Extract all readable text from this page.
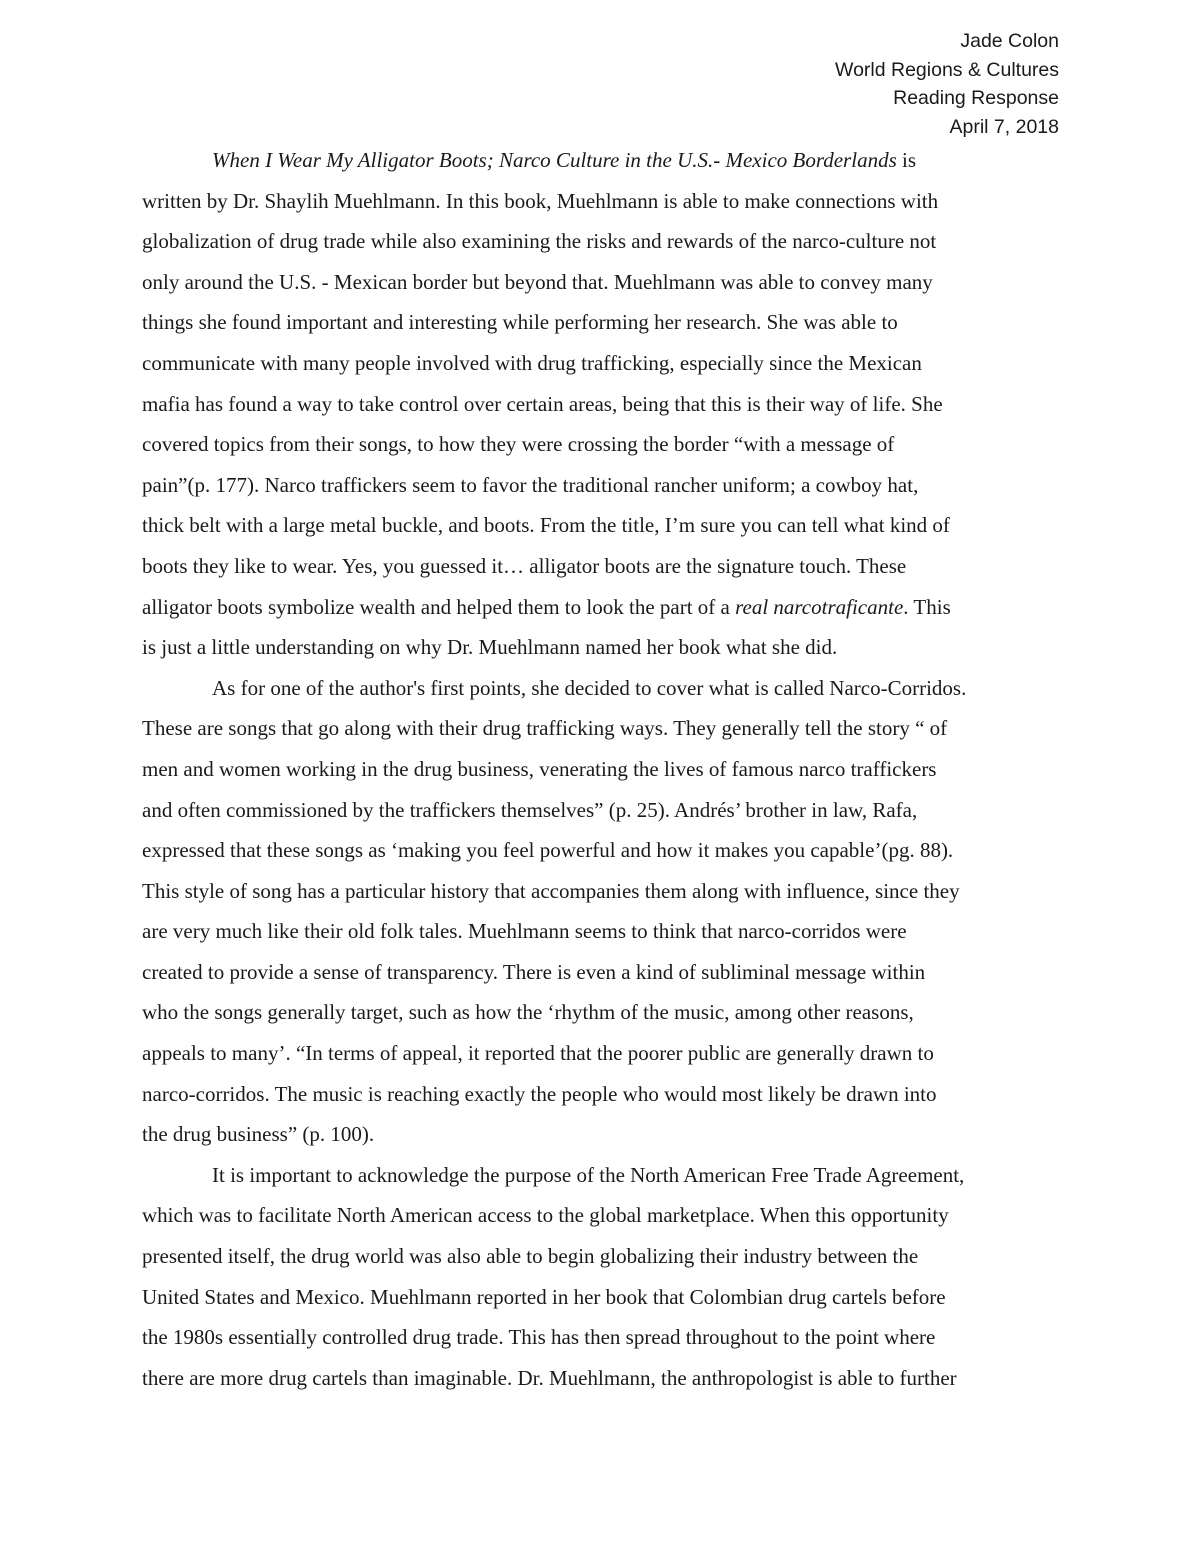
Jade Colon
World Regions & Cultures
Reading Response
April 7, 2018
When I Wear My Alligator Boots; Narco Culture in the U.S.- Mexico Borderlands is
written by Dr. Shaylih Muehlmann. In this book, Muehlmann is able to make connections with
globalization of drug trade while also examining the risks and rewards of the narco-culture not
only around the U.S. - Mexican border but beyond that. Muehlmann was able to convey many
things she found important and interesting while performing her research. She was able to
communicate with many people involved with drug trafficking, especially since the Mexican
mafia has found a way to take control over certain areas, being that this is their way of life. She
covered topics from their songs, to how they were crossing the border “with a message of
pain”(p. 177). Narco traffickers seem to favor the traditional rancher uniform; a cowboy hat,
thick belt with a large metal buckle, and boots. From the title, I’m sure you can tell what kind of
boots they like to wear. Yes, you guessed it… alligator boots are the signature touch. These
alligator boots symbolize wealth and helped them to look the part of a real narcotraficante. This
is just a little understanding on why Dr. Muehlmann named her book what she did.
As for one of the author's first points, she decided to cover what is called Narco-Corridos.
These are songs that go along with their drug trafficking ways. They generally tell the story “ of
men and women working in the drug business, venerating the lives of famous narco traffickers
and often commissioned by the traffickers themselves” (p. 25). Andrés’ brother in law, Rafa,
expressed that these songs as ‘making you feel powerful and how it makes you capable’(pg. 88).
This style of song has a particular history that accompanies them along with influence, since they
are very much like their old folk tales. Muehlmann seems to think that narco-corridos were
created to provide a sense of transparency. There is even a kind of subliminal message within
who the songs generally target, such as how the ‘rhythm of the music, among other reasons,
appeals to many’. “In terms of appeal, it reported that the poorer public are generally drawn to
narco-corridos. The music is reaching exactly the people who would most likely be drawn into
the drug business” (p. 100).
It is important to acknowledge the purpose of the North American Free Trade Agreement,
which was to facilitate North American access to the global marketplace. When this opportunity
presented itself, the drug world was also able to begin globalizing their industry between the
United States and Mexico. Muehlmann reported in her book that Colombian drug cartels before
the 1980s essentially controlled drug trade. This has then spread throughout to the point where
there are more drug cartels than imaginable. Dr. Muehlmann, the anthropologist is able to further
